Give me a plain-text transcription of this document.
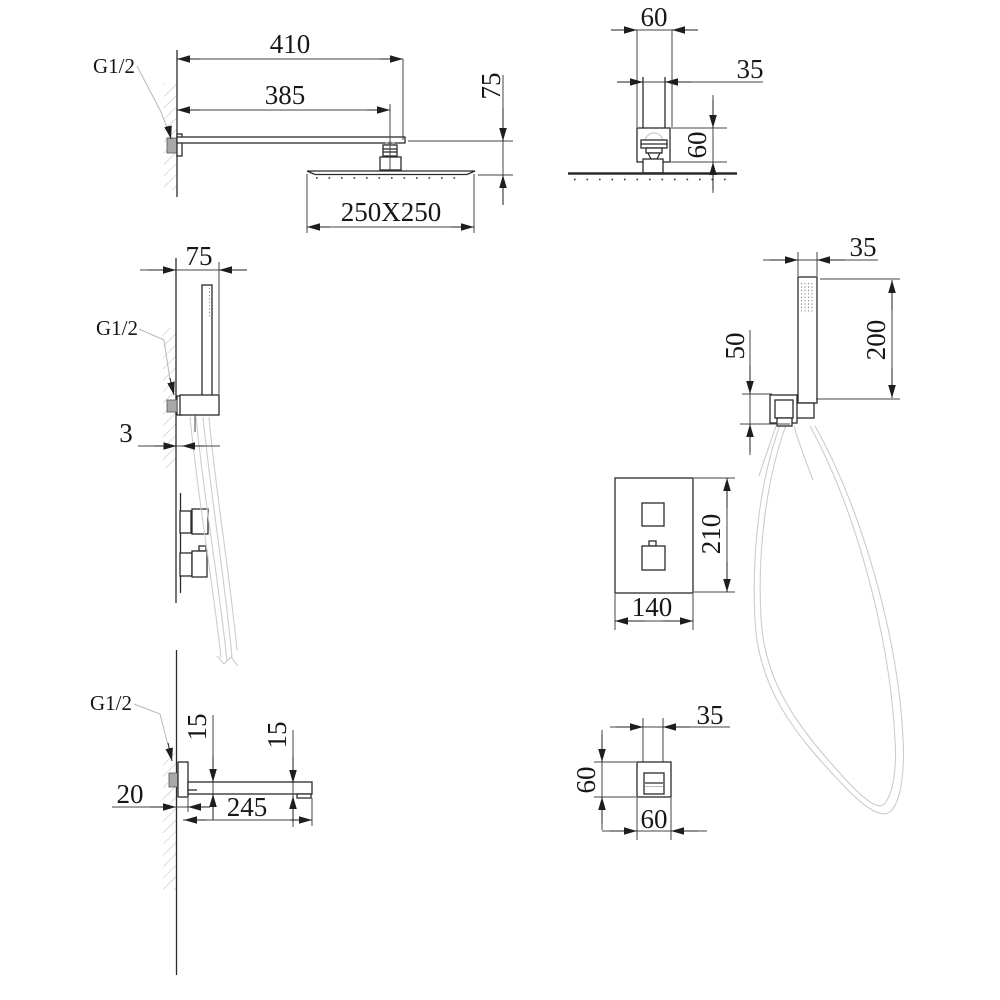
G1/2
410
385	75
250X250
60
35
60
75
G1/2
3
35
200
50
210
140
G1/2
15 15
20	245
35
60
60
